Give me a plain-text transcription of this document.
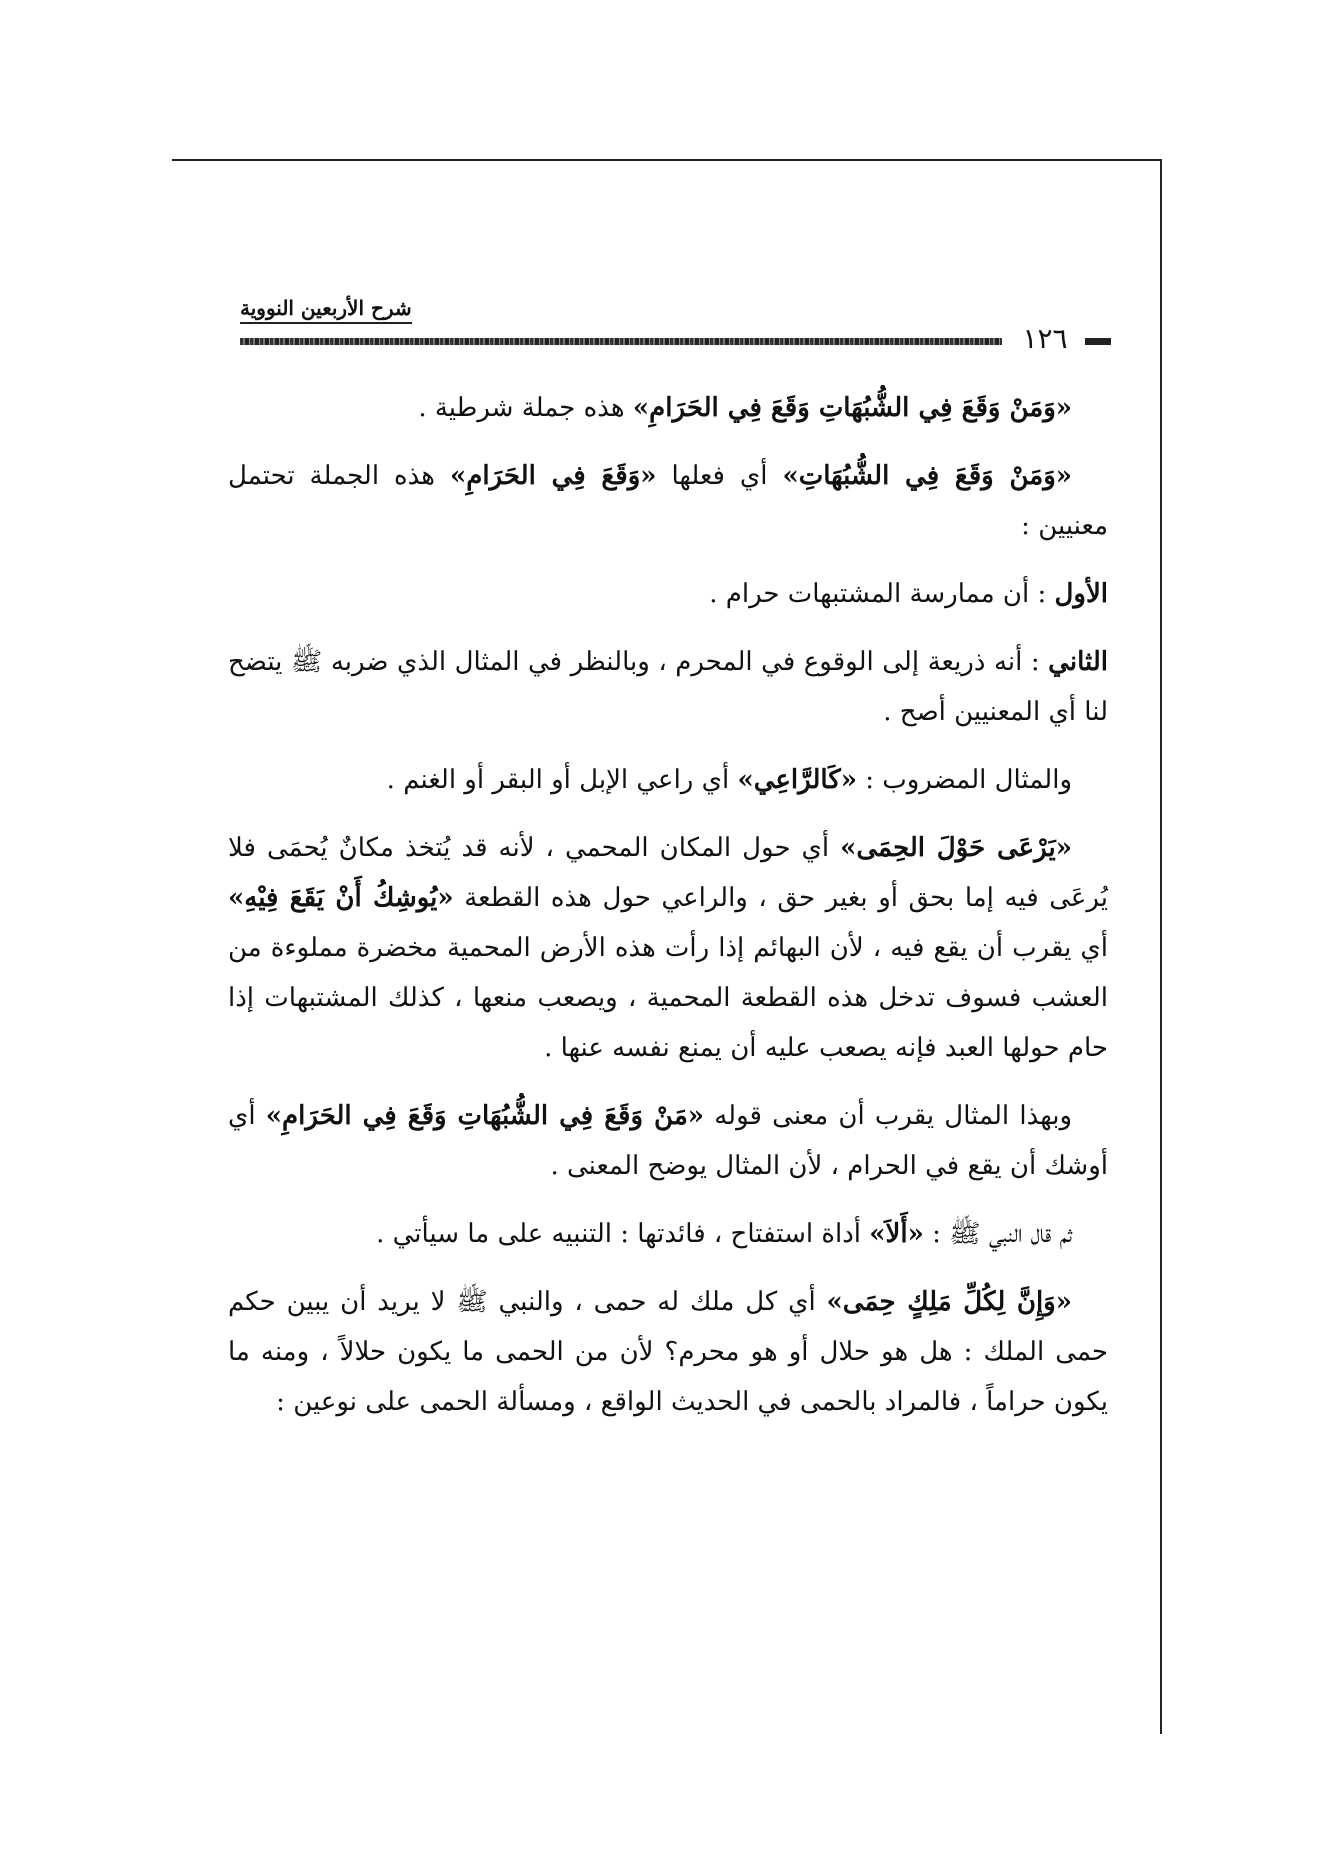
شرح الأربعين النووية
١٢٦

«وَمَنْ وَقَعَ فِي الشُّبُهَاتِ وَقَعَ فِي الحَرَامِ» هذه جملة شرطية .

«وَمَنْ وَقَعَ فِي الشُّبُهَاتِ» أي فعلها «وَقَعَ فِي الحَرَامِ» هذه الجملة تحتمل معنيين :

الأول : أن ممارسة المشتبهات حرام .

الثاني : أنه ذريعة إلى الوقوع في المحرم ، وبالنظر في المثال الذي ضربه ﷺ يتضح لنا أي المعنيين أصح .

والمثال المضروب : «كَالرَّاعِي» أي راعي الإبل أو البقر أو الغنم .

«يَرْعَى حَوْلَ الحِمَى» أي حول المكان المحمي ، لأنه قد يُتخذ مكانٌ يُحمَى فلا يُرعَى فيه إما بحق أو بغير حق ، والراعي حول هذه القطعة «يُوشِكُ أَنْ يَقَعَ فِيْهِ» أي يقرب أن يقع فيه ، لأن البهائم إذا رأت هذه الأرض المحمية مخضرة مملوءة من العشب فسوف تدخل هذه القطعة المحمية ، ويصعب منعها ، كذلك المشتبهات إذا حام حولها العبد فإنه يصعب عليه أن يمنع نفسه عنها .

وبهذا المثال يقرب أن معنى قوله «مَنْ وَقَعَ فِي الشُّبُهَاتِ وَقَعَ فِي الحَرَامِ» أي أوشك أن يقع في الحرام ، لأن المثال يوضح المعنى .

ثم قال النبي ﷺ : «أَلاَ» أداة استفتاح ، فائدتها : التنبيه على ما سيأتي .

«وَإِنَّ لِكُلِّ مَلِكٍ حِمَى» أي كل ملك له حمى ، والنبي ﷺ لا يريد أن يبين حكم حمى الملك : هل هو حلال أو هو محرم؟ لأن من الحمى ما يكون حلالاً ، ومنه ما يكون حراماً ، فالمراد بالحمى في الحديث الواقع ، ومسألة الحمى على نوعين :
